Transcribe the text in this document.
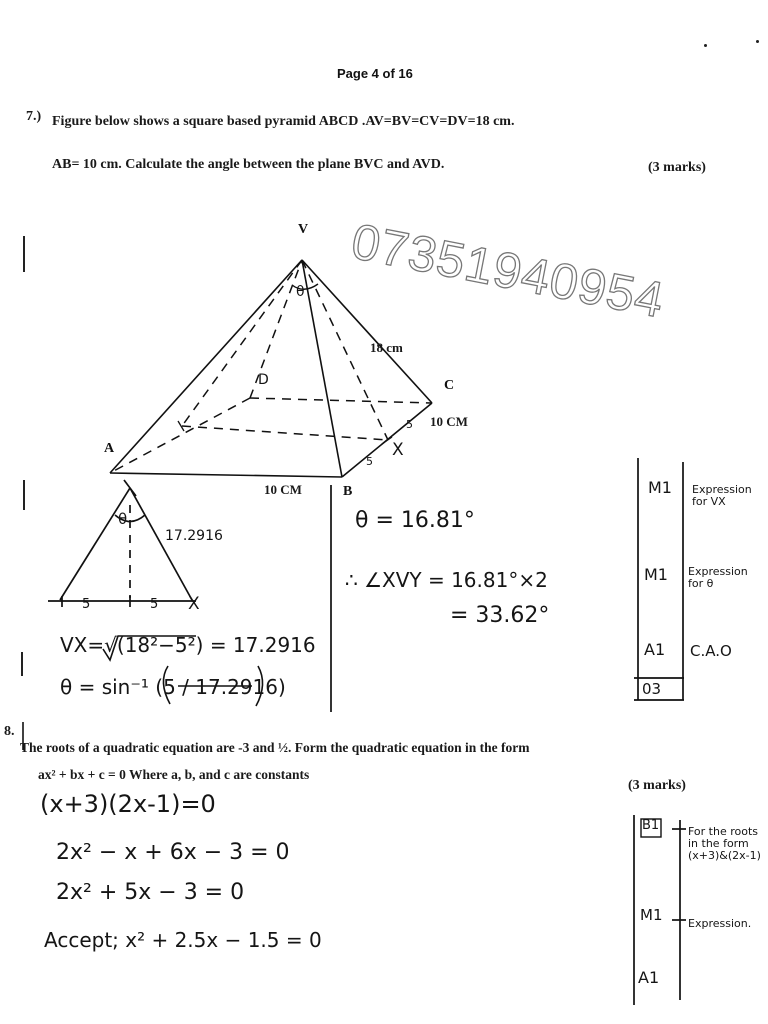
Page 4 of 16
7.) Figure below shows a square based pyramid ABCD .AV=BV=CV=DV=18 cm.
AB= 10 cm. Calculate the angle between the plane BVC and AVD.	(3 marks)
07351940954
V
A
B
C
D
X
18 cm
10 CM
10 CM
5
5
θ
θ
17.2916
5	5 X
VX=√(18²−5²) = 17.2916
θ = sin⁻¹ (5 / 17.2916)
θ = 16.81°
∴ ∠XVY = 16.81°×2
= 33.62°
M1 Expression for VX
M1 Expression for θ
A1 C.A.O
03
8.
The roots of a quadratic equation are -3 and ½. Form the quadratic equation in the form
ax² + bx + c = 0 Where a, b, and c are constants
(3 marks)
(x+3)(2x-1)=0
2x² − x + 6x − 3 = 0
2x² + 5x − 3 = 0
Accept; x² + 2.5x − 1.5 = 0
B1	For the roots in the form (x+3)&(2x-1)
M1 Expression.
A1
